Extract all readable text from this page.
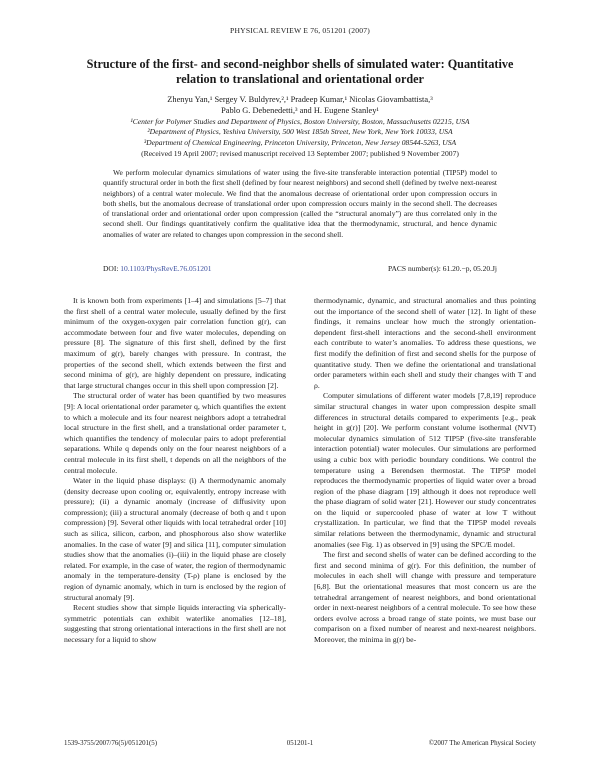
PHYSICAL REVIEW E 76, 051201 (2007)
Structure of the first- and second-neighbor shells of simulated water: Quantitative relation to translational and orientational order
Zhenyu Yan,¹ Sergey V. Buldyrev,²,¹ Pradeep Kumar,¹ Nicolas Giovambattista,³
Pablo G. Debenedetti,³ and H. Eugene Stanley¹
¹Center for Polymer Studies and Department of Physics, Boston University, Boston, Massachusetts 02215, USA
²Department of Physics, Yeshiva University, 500 West 185th Street, New York, New York 10033, USA
³Department of Chemical Engineering, Princeton University, Princeton, New Jersey 08544-5263, USA
(Received 19 April 2007; revised manuscript received 13 September 2007; published 9 November 2007)

We perform molecular dynamics simulations of water using the five-site transferable interaction potential (TIP5P) model to quantify structural order in both the first shell (defined by four nearest neighbors) and second shell (defined by twelve next-nearest neighbors) of a central water molecule. We find that the anomalous decrease of orientational order upon compression occurs in both shells, but the anomalous decrease of translational order upon compression occurs mainly in the second shell. The decreases of translational order and orientational order upon compression (called the “structural anomaly”) are thus correlated only in the second shell. Our findings quantitatively confirm the qualitative idea that the thermodynamic, structural, and hence dynamic anomalies of water are related to changes upon compression in the second shell.

DOI: 10.1103/PhysRevE.76.051201	PACS number(s): 61.20.−p, 05.20.Jj

It is known both from experiments [1–4] and simulations [5–7] that the first shell of a central water molecule, usually defined by the first minimum of the oxygen-oxygen pair correlation function g(r), can accommodate between four and five water molecules, depending on pressure [8]. The signature of this first shell, defined by the first maximum of g(r), barely changes with pressure. In contrast, the properties of the second shell, which extends between the first and second minima of g(r), are highly dependent on pressure, indicating that large structural changes occur in this shell upon compression [2].

The structural order of water has been quantified by two measures [9]: A local orientational order parameter q, which quantifies the extent to which a molecule and its four nearest neighbors adopt a tetrahedral local structure in the first shell, and a translational order parameter t, which quantifies the tendency of molecular pairs to adopt preferential separations. While q depends only on the four nearest neighbors of a central molecule in its first shell, t depends on all the neighbors of the central molecule.

Water in the liquid phase displays: (i) A thermodynamic anomaly (density decrease upon cooling or, equivalently, entropy increase with pressure); (ii) a dynamic anomaly (increase of diffusivity upon compression); (iii) a structural anomaly (decrease of both q and t upon compression) [9]. Several other liquids with local tetrahedral order [10] such as silica, silicon, carbon, and phosphorous also show waterlike anomalies. In the case of water [9] and silica [11], computer simulation studies show that the anomalies (i)–(iii) in the liquid phase are closely related. For example, in the case of water, the region of thermodynamic anomaly in the temperature-density (T-ρ) plane is enclosed by the region of dynamic anomaly, which in turn is enclosed by the region of structural anomaly [9].

Recent studies show that simple liquids interacting via spherically-symmetric potentials can exhibit waterlike anomalies [12–18], suggesting that strong orientational interactions in the first shell are not necessary for a liquid to show

thermodynamic, dynamic, and structural anomalies and thus pointing out the importance of the second shell of water [12]. In light of these findings, it remains unclear how much the strongly orientation-dependent first-shell interactions and the second-shell environment each contribute to water’s anomalies. To address these questions, we first modify the definition of first and second shells for the purpose of quantitative study. Then we define the orientational and translational order parameters within each shell and study their changes with T and ρ.

Computer simulations of different water models [7,8,19] reproduce similar structural changes in water upon compression despite small differences in structural details compared to experiments [e.g., peak height in g(r)] [20]. We perform constant volume isothermal (NVT) molecular dynamics simulation of 512 TIP5P (five-site transferable interaction potential) water molecules. Our simulations are performed using a cubic box with periodic boundary conditions. We control the temperature using a Berendsen thermostat. The TIP5P model reproduces the thermodynamic properties of liquid water over a broad region of the phase diagram [19] although it does not reproduce well the phase diagram of solid water [21]. However our study concentrates on the liquid or supercooled phase of water at low T without crystallization. In particular, we find that the TIP5P model reveals similar relations between the thermodynamic, dynamic and structural anomalies (see Fig. 1) as observed in [9] using the SPC/E model.

The first and second shells of water can be defined according to the first and second minima of g(r). For this definition, the number of molecules in each shell will change with pressure and temperature [6,8]. But the orientational measures that most concern us are the tetrahedral arrangement of nearest neighbors, and bond orientational order in next-nearest neighbors of a central molecule. To see how these orders evolve across a broad range of state points, we must base our comparison on a fixed number of nearest and next-nearest neighbors. Moreover, the minima in g(r) be-

1539-3755/2007/76(5)/051201(5)	051201-1	©2007 The American Physical Society
